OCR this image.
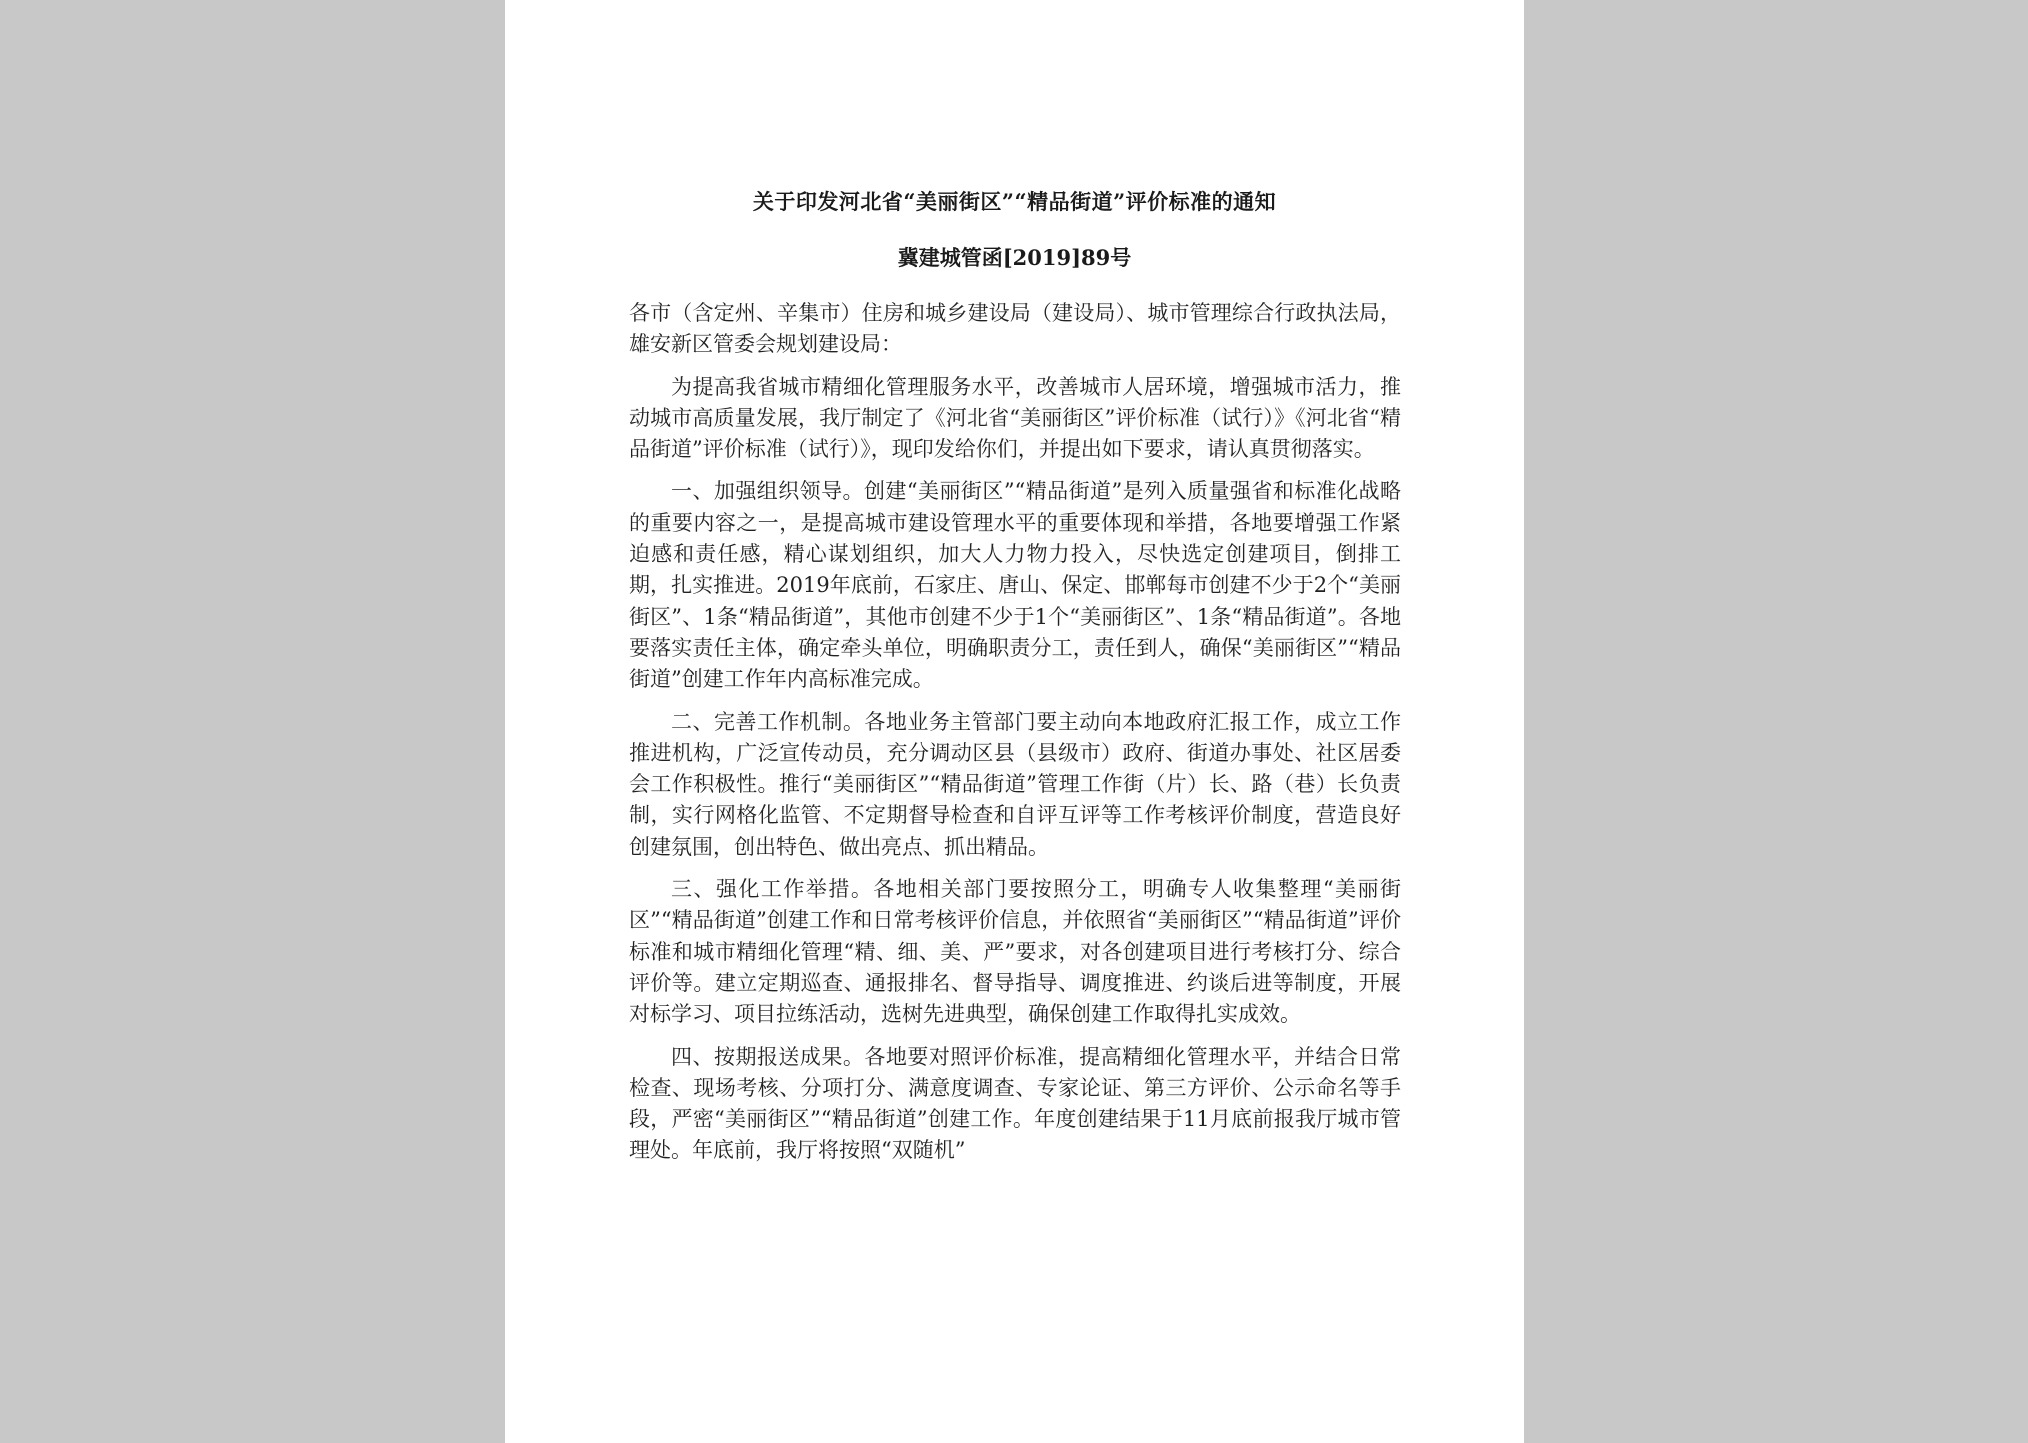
关于印发河北省“美丽街区”“精品街道”评价标准的通知
冀建城管函[2019]89号

各市（含定州、辛集市）住房和城乡建设局（建设局）、城市管理综合行政执法局，雄安新区管委会规划建设局：

为提高我省城市精细化管理服务水平，改善城市人居环境，增强城市活力，推动城市高质量发展，我厅制定了《河北省“美丽街区”评价标准（试行）》《河北省“精品街道”评价标准（试行）》，现印发给你们，并提出如下要求，请认真贯彻落实。

一、加强组织领导。创建“美丽街区”“精品街道”是列入质量强省和标准化战略的重要内容之一，是提高城市建设管理水平的重要体现和举措，各地要增强工作紧迫感和责任感，精心谋划组织，加大人力物力投入，尽快选定创建项目，倒排工期，扎实推进。2019年底前，石家庄、唐山、保定、邯郸每市创建不少于2个“美丽街区”、1条“精品街道”，其他市创建不少于1个“美丽街区”、1条“精品街道”。各地要落实责任主体，确定牵头单位，明确职责分工，责任到人，确保“美丽街区”“精品街道”创建工作年内高标准完成。

二、完善工作机制。各地业务主管部门要主动向本地政府汇报工作，成立工作推进机构，广泛宣传动员，充分调动区县（县级市）政府、街道办事处、社区居委会工作积极性。推行“美丽街区”“精品街道”管理工作街（片）长、路（巷）长负责制，实行网格化监管、不定期督导检查和自评互评等工作考核评价制度，营造良好创建氛围，创出特色、做出亮点、抓出精品。

三、强化工作举措。各地相关部门要按照分工，明确专人收集整理“美丽街区”“精品街道”创建工作和日常考核评价信息，并依照省“美丽街区”“精品街道”评价标准和城市精细化管理“精、细、美、严”要求，对各创建项目进行考核打分、综合评价等。建立定期巡查、通报排名、督导指导、调度推进、约谈后进等制度，开展对标学习、项目拉练活动，选树先进典型，确保创建工作取得扎实成效。

四、按期报送成果。各地要对照评价标准，提高精细化管理水平，并结合日常检查、现场考核、分项打分、满意度调查、专家论证、第三方评价、公示命名等手段，严密“美丽街区”“精品街道”创建工作。年度创建结果于11月底前报我厅城市管理处。年底前，我厅将按照“双随机”
